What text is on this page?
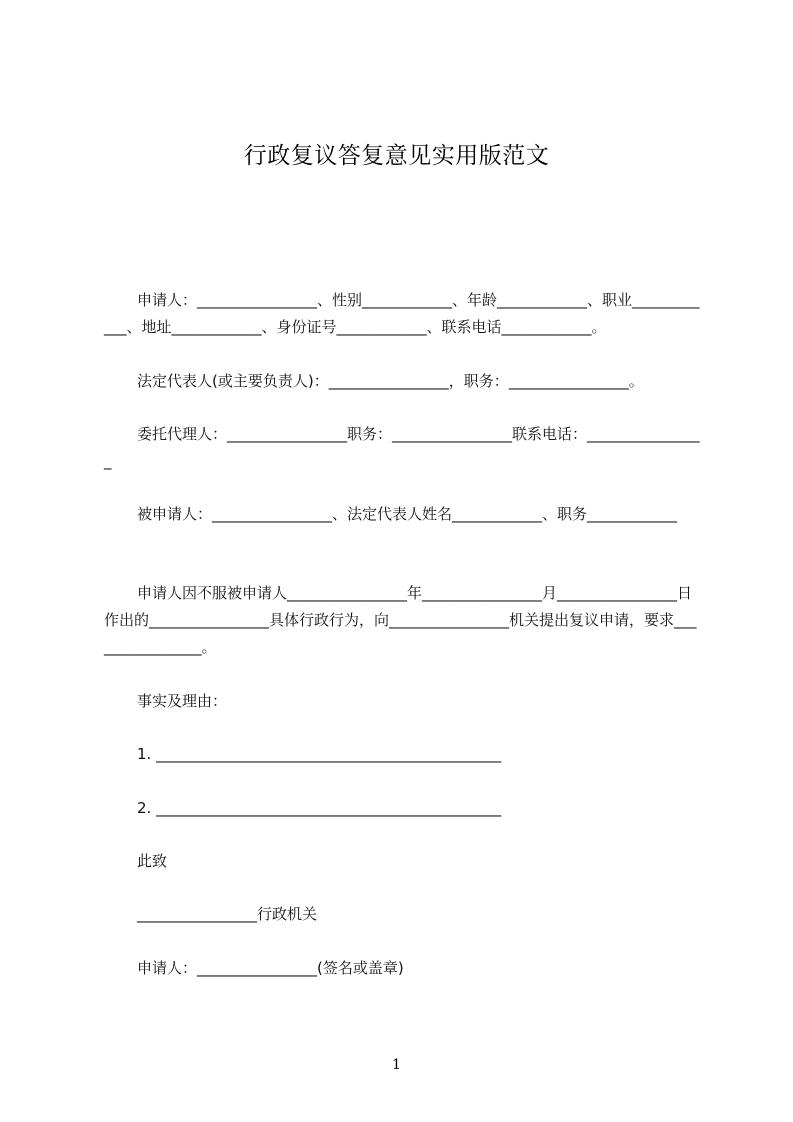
行政复议答复意见实用版范文
申请人：________________、性别____________、年龄____________、职业____________、地址____________、身份证号____________、联系电话____________。
法定代表人(或主要负责人)：________________，职务：________________。
委托代理人：________________职务：________________联系电话：________________
被申请人：________________、法定代表人姓名____________、职务____________
申请人因不服被申请人________________年________________月________________日作出的________________具体行政行为，向________________机关提出复议申请，要求________________。
事实及理由：
1. ______________________________________________
2. ______________________________________________
此致
________________行政机关
申请人：________________(签名或盖章)
1
